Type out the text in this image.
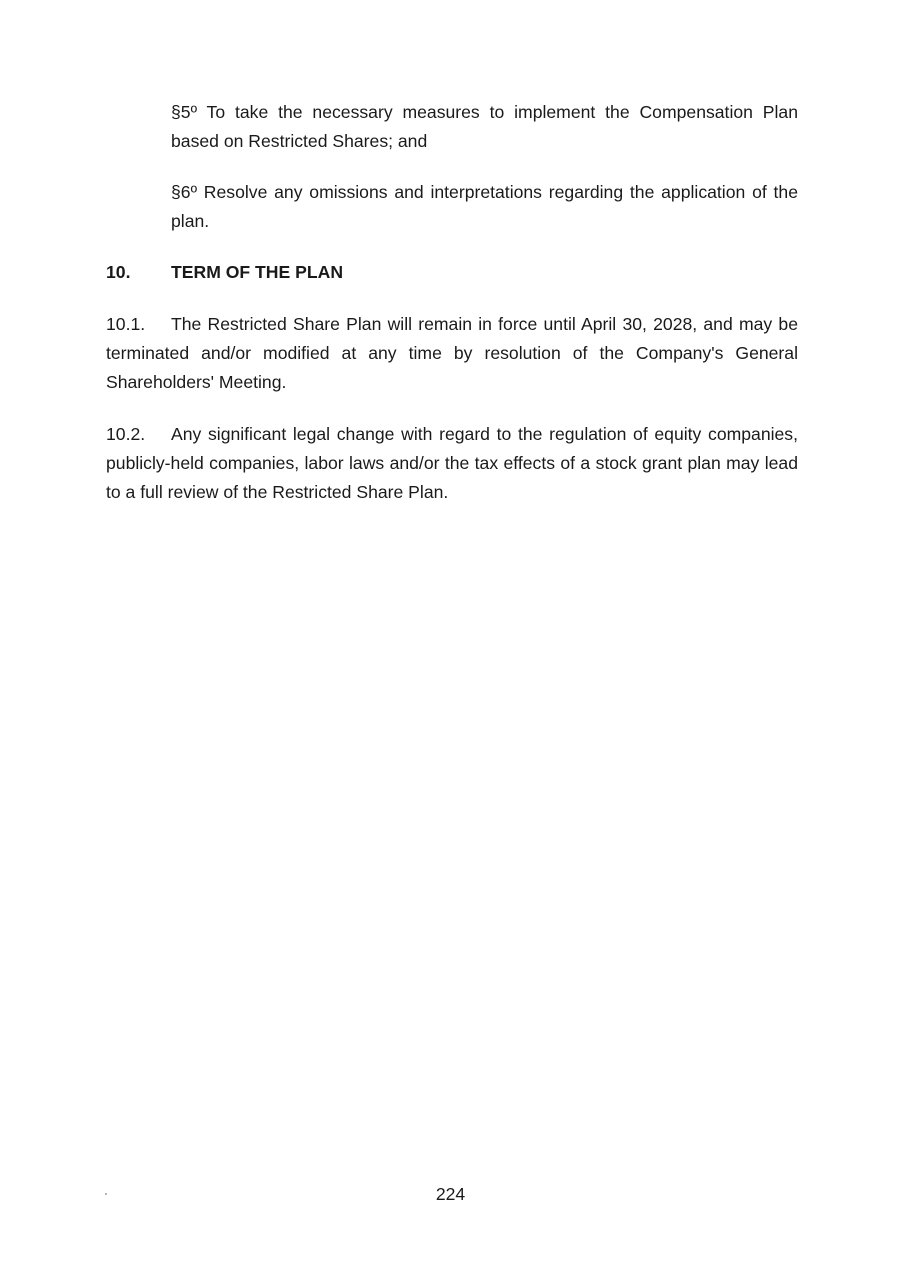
§5º To take the necessary measures to implement the Compensation Plan based on Restricted Shares; and

§6º Resolve any omissions and interpretations regarding the application of the plan.

10. TERM OF THE PLAN

10.1. The Restricted Share Plan will remain in force until April 30, 2028, and may be terminated and/or modified at any time by resolution of the Company's General Shareholders' Meeting.

10.2. Any significant legal change with regard to the regulation of equity companies, publicly-held companies, labor laws and/or the tax effects of a stock grant plan may lead to a full review of the Restricted Share Plan.

224
